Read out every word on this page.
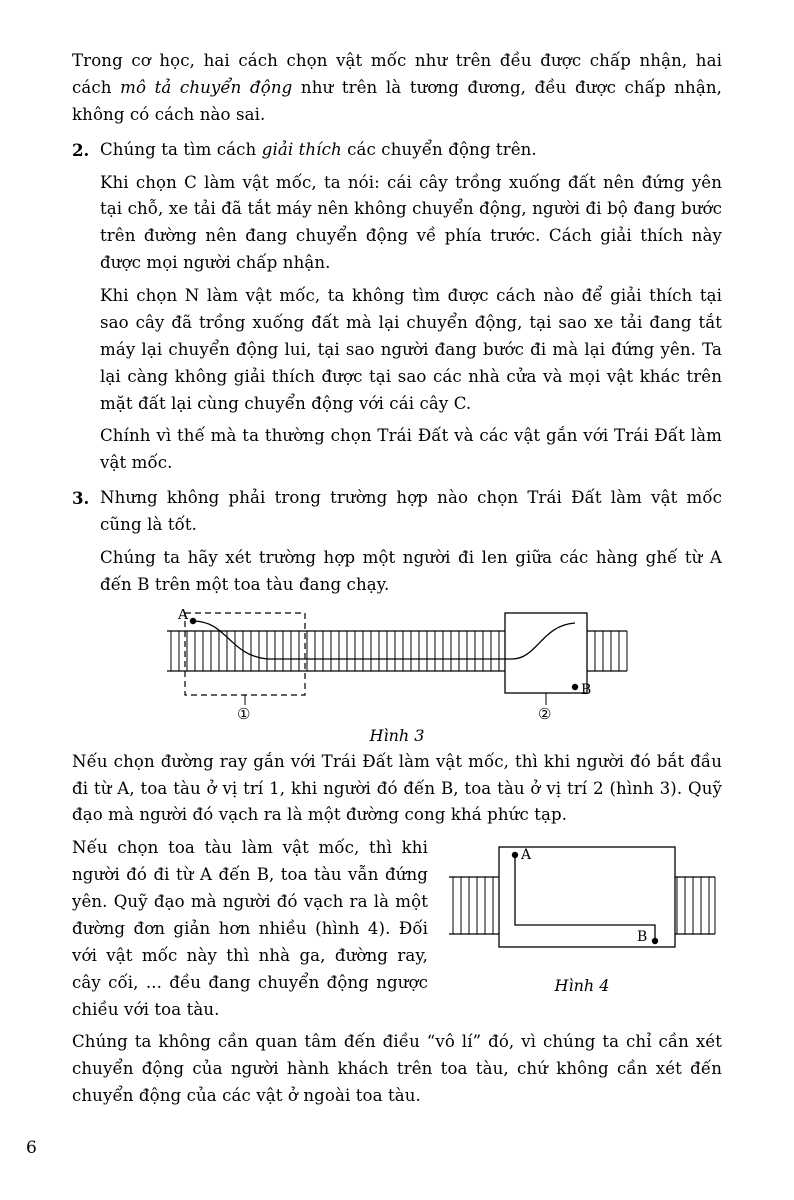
Trong cơ học, hai cách chọn vật mốc như trên đều được chấp nhận, hai cách mô tả chuyển động như trên là tương đương, đều được chấp nhận, không có cách nào sai.

2. Chúng ta tìm cách giải thích các chuyển động trên.

Khi chọn C làm vật mốc, ta nói: cái cây trồng xuống đất nên đứng yên tại chỗ, xe tải đã tắt máy nên không chuyển động, người đi bộ đang bước trên đường nên đang chuyển động về phía trước. Cách giải thích này được mọi người chấp nhận.

Khi chọn N làm vật mốc, ta không tìm được cách nào để giải thích tại sao cây đã trồng xuống đất mà lại chuyển động, tại sao xe tải đang tắt máy lại chuyển động lui, tại sao người đang bước đi mà lại đứng yên. Ta lại càng không giải thích được tại sao các nhà cửa và mọi vật khác trên mặt đất lại cùng chuyển động với cái cây C.

Chính vì thế mà ta thường chọn Trái Đất và các vật gắn với Trái Đất làm vật mốc.

3. Nhưng không phải trong trường hợp nào chọn Trái Đất làm vật mốc cũng là tốt.

Chúng ta hãy xét trường hợp một người đi len giữa các hàng ghế từ A đến B trên một toa tàu đang chạy.

A
B
①	②
Hình 3

Nếu chọn đường ray gắn với Trái Đất làm vật mốc, thì khi người đó bắt đầu đi từ A, toa tàu ở vị trí 1, khi người đó đến B, toa tàu ở vị trí 2 (hình 3). Quỹ đạo mà người đó vạch ra là một đường cong khá phức tạp.

A
B
Hình 4

Nếu chọn toa tàu làm vật mốc, thì khi người đó đi từ A đến B, toa tàu vẫn đứng yên. Quỹ đạo mà người đó vạch ra là một đường đơn giản hơn nhiều (hình 4). Đối với vật mốc này thì nhà ga, đường ray, cây cối, ... đều đang chuyển động ngược chiều với toa tàu.

Chúng ta không cần quan tâm đến điều “vô lí” đó, vì chúng ta chỉ cần xét chuyển động của người hành khách trên toa tàu, chứ không cần xét đến chuyển động của các vật ở ngoài toa tàu.

6
